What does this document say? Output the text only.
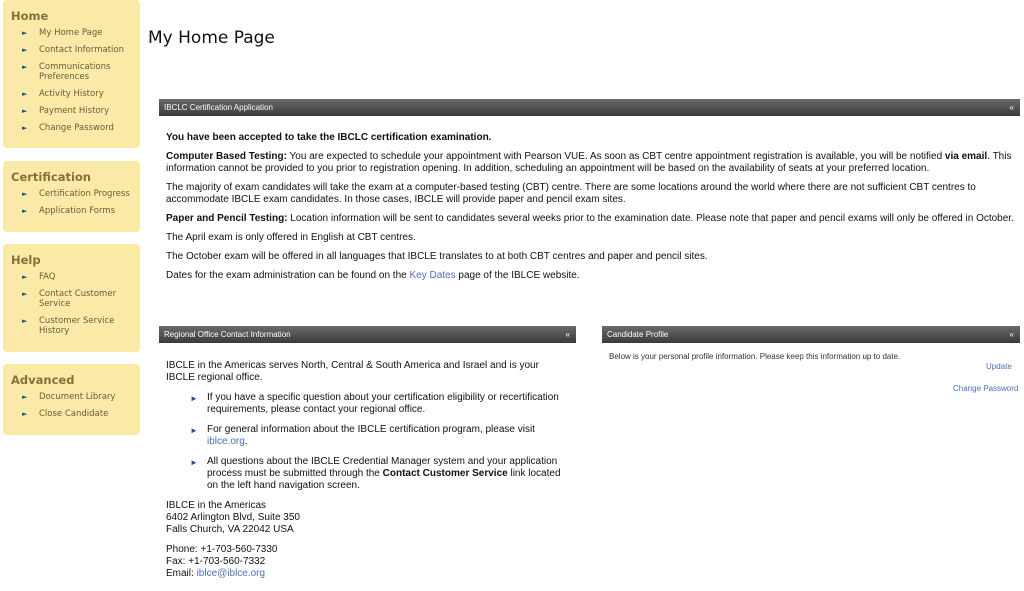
Home
► My Home Page
► Contact Information
► Communications Preferences
► Activity History
► Payment History
► Change Password
Certification
► Certification Progress
► Application Forms
Help
► FAQ
► Contact Customer Service
► Customer Service History
Advanced
► Document Library
► Close Candidate
My Home Page
IBCLC Certification Application	«

You have been accepted to take the IBCLC certification examination.

Computer Based Testing: You are expected to schedule your appointment with Pearson VUE. As soon as CBT centre appointment registration is available, you will be notified via email. This information cannot be provided to you prior to registration opening. In addition, scheduling an appointment will be based on the availability of seats at your preferred location.

The majority of exam candidates will take the exam at a computer-based testing (CBT) centre. There are some locations around the world where there are not sufficient CBT centres to accommodate IBCLE exam candidates. In those cases, IBCLE will provide paper and pencil exam sites.

Paper and Pencil Testing: Location information will be sent to candidates several weeks prior to the examination date. Please note that paper and pencil exams will only be offered in October.

The April exam is only offered in English at CBT centres.

The October exam will be offered in all languages that IBCLE translates to at both CBT centres and paper and pencil sites.

Dates for the exam administration can be found on the Key Dates page of the IBLCE website.

Regional Office Contact Information	«

IBCLE in the Americas serves North, Central & South America and Israel and is your IBCLE regional office.

► If you have a specific question about your certification eligibility or recertification requirements, please contact your regional office.
► For general information about the IBCLE certification program, please visit iblce.org.
► All questions about the IBCLE Credential Manager system and your application process must be submitted through the Contact Customer Service link located on the left hand navigation screen.

IBLCE in the Americas
6402 Arlington Blvd, Suite 350
Falls Church, VA 22042 USA

Phone: +1-703-560-7330
Fax: +1-703-560-7332
Email: iblce@iblce.org

Candidate Profile	«
Below is your personal profile information. Please keep this information up to date.
Update
Change Password
